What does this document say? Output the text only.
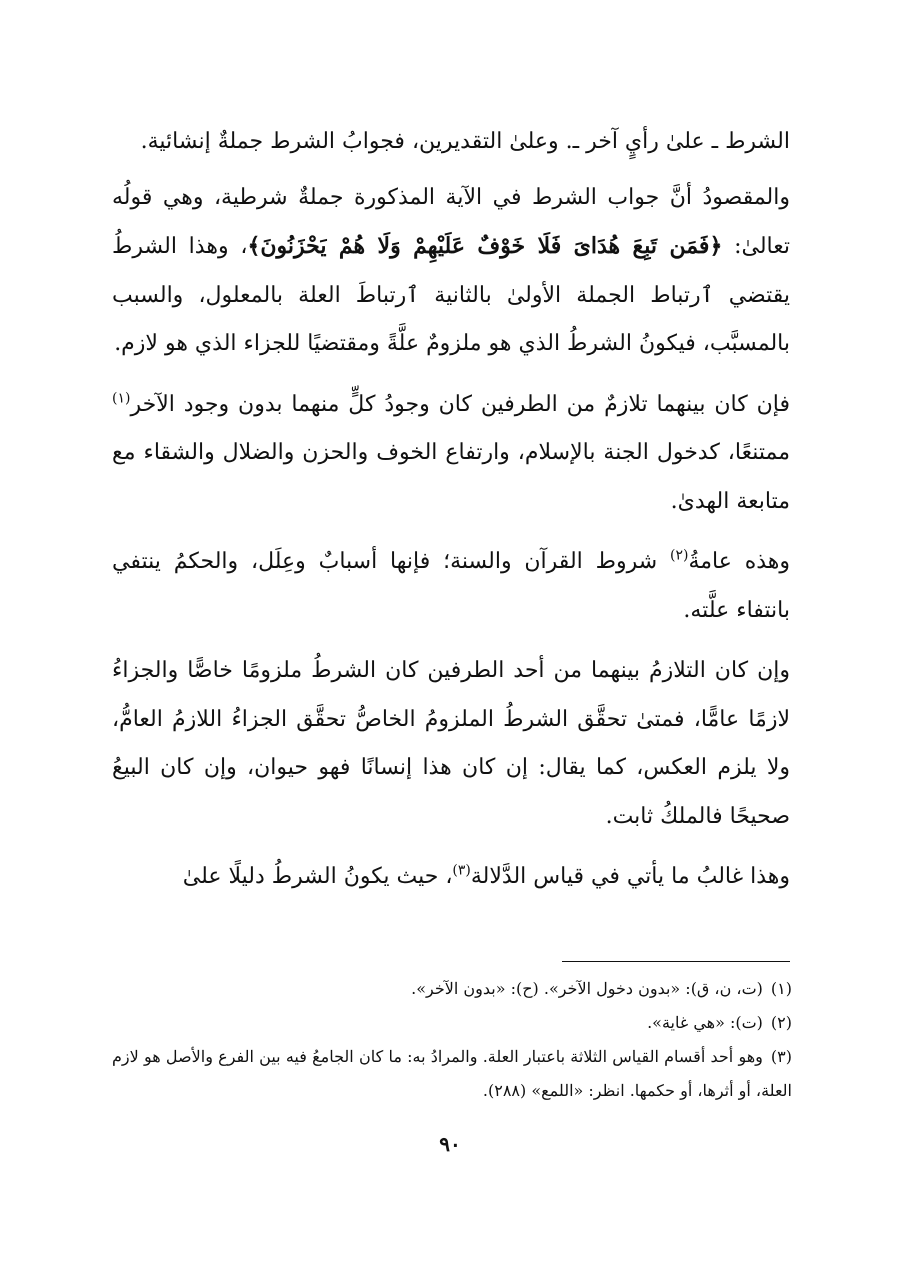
الشرط ـ علىٰ رأيٍ آخر ـ. وعلىٰ التقديرين، فجوابُ الشرط جملةٌ إنشائية.

والمقصودُ أنَّ جواب الشرط في الآية المذكورة جملةٌ شرطية، وهي قولُه تعالىٰ: ﴿فَمَن تَبِعَ هُدَاىَ فَلَا خَوْفٌ عَلَيْهِمْ وَلَا هُمْ يَحْزَنُونَ﴾، وهذا الشرطُ يقتضي ٱرتباط الجملة الأولىٰ بالثانية ٱرتباطَ العلة بالمعلول، والسبب بالمسبَّب، فيكونُ الشرطُ الذي هو ملزومٌ علَّةً ومقتضيًا للجزاء الذي هو لازم.

فإن كان بينهما تلازمٌ من الطرفين كان وجودُ كلٍّ منهما بدون وجود الآخر$^{(١)}$ ممتنعًا، كدخول الجنة بالإسلام، وارتفاع الخوف والحزن والضلال والشقاء مع متابعة الهدىٰ.

وهذه عامةُ$^{(٢)}$ شروط القرآن والسنة؛ فإنها أسبابٌ وعِلَل، والحكمُ ينتفي بانتفاء علَّته.

وإن كان التلازمُ بينهما من أحد الطرفين كان الشرطُ ملزومًا خاصًّا والجزاءُ لازمًا عامًّا، فمتىٰ تحقَّق الشرطُ الملزومُ الخاصُّ تحقَّق الجزاءُ اللازمُ العامُّ، ولا يلزم العكس، كما يقال: إن كان هذا إنسانًا فهو حيوان، وإن كان البيعُ صحيحًا فالملكُ ثابت.

وهذا غالبُ ما يأتي في قياس الدَّلالة$^{(٣)}$، حيث يكونُ الشرطُ دليلًا علىٰ

(١)(ت، ن، ق): «بدون دخول الآخر». (ح): «بدون الآخر».

(٢)(ت): «هي غاية».

(٣)وهو أحد أقسام القياس الثلاثة باعتبار العلة. والمرادُ به: ما كان الجامعُ فيه بين الفرع والأصل هو لازم العلة، أو أثرها، أو حكمها. انظر: «اللمع» (٢٨٨).

٩٠
